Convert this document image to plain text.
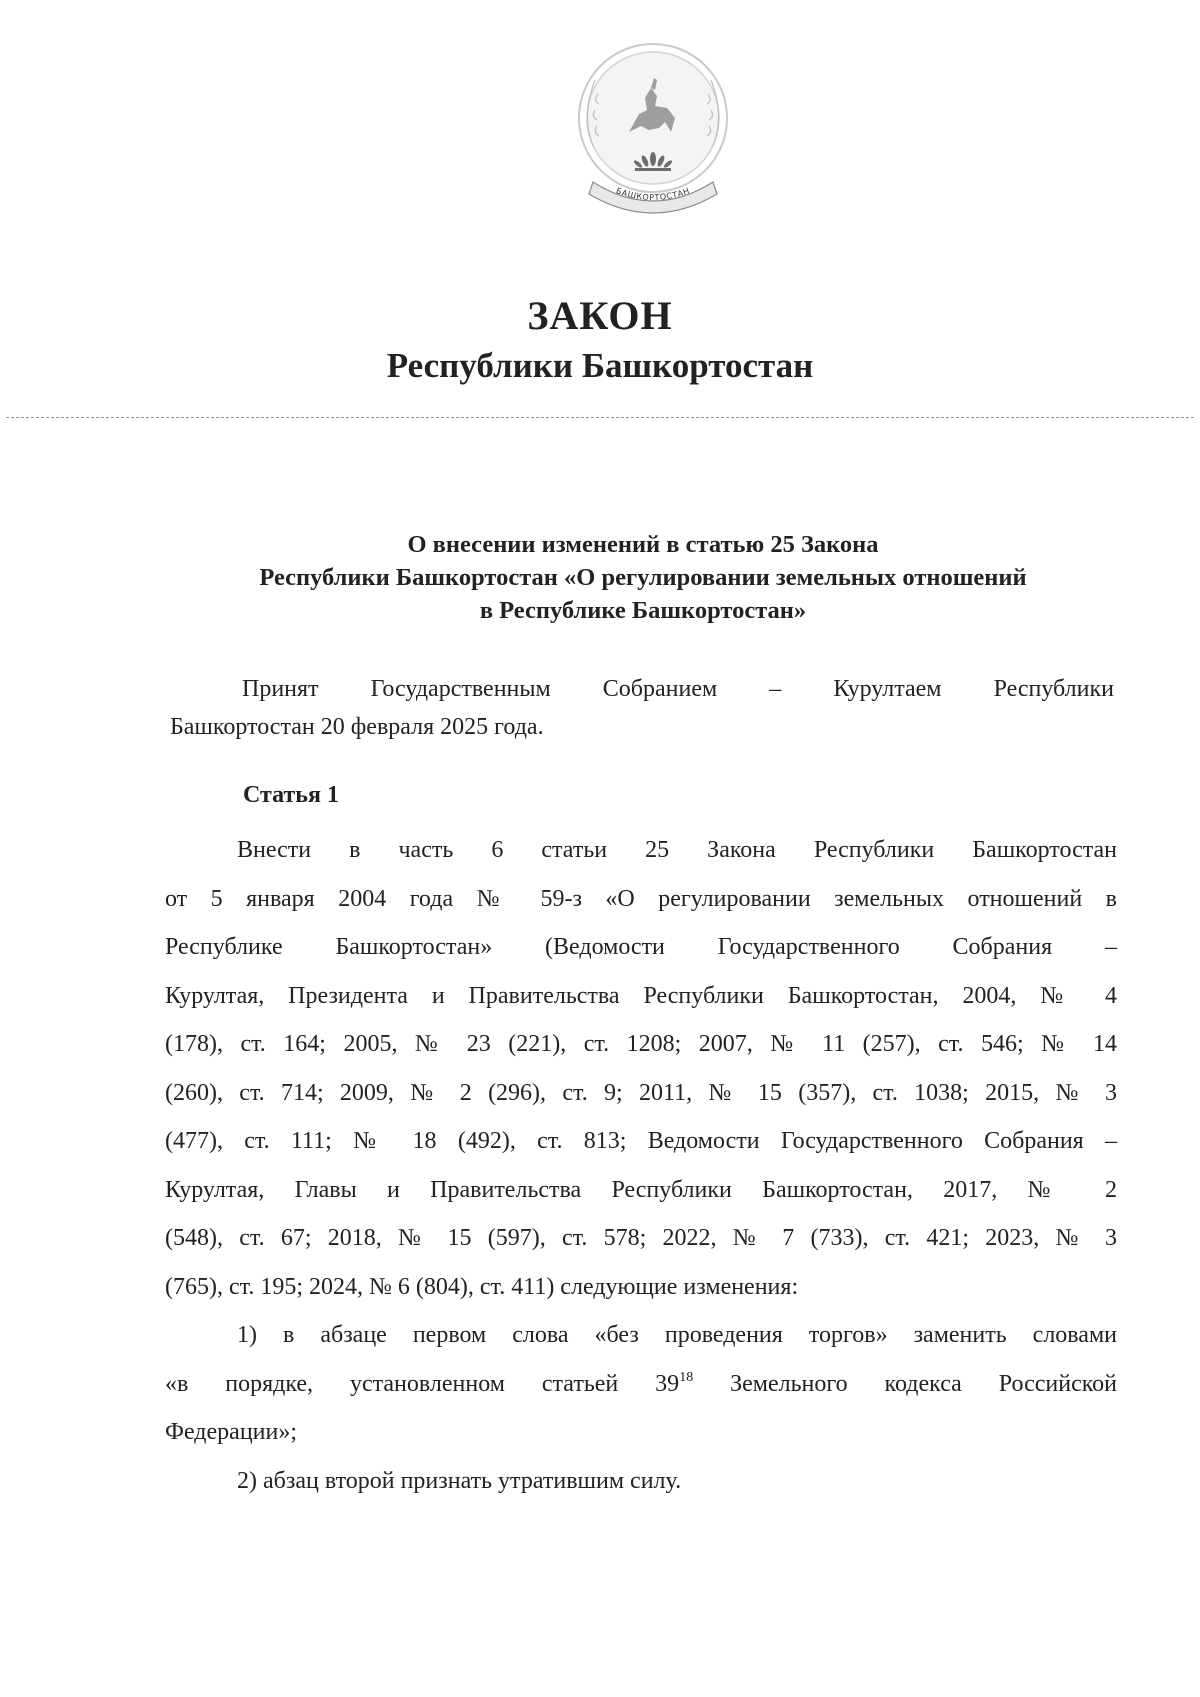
БАШКОРТОСТАН
ЗАКОН
Республики Башкортостан
О внесении изменений в статью 25 Закона
Республики Башкортостан «О регулировании земельных отношений
в Республике Башкортостан»
Принят Государственным Собранием – Курултаем Республики
Башкортостан 20 февраля 2025 года.
Статья 1
Внести в часть 6 статьи 25 Закона Республики Башкортостан
от 5 января 2004 года № 59-з «О регулировании земельных отношений в
Республике Башкортостан» (Ведомости Государственного Собрания –
Курултая, Президента и Правительства Республики Башкортостан, 2004, № 4
(178), ст. 164; 2005, № 23 (221), ст. 1208; 2007, № 11 (257), ст. 546; № 14
(260), ст. 714; 2009, № 2 (296), ст. 9; 2011, № 15 (357), ст. 1038; 2015, № 3
(477), ст. 111; № 18 (492), ст. 813; Ведомости Государственного Собрания –
Курултая, Главы и Правительства Республики Башкортостан, 2017, № 2
(548), ст. 67; 2018, № 15 (597), ст. 578; 2022, № 7 (733), ст. 421; 2023, № 3
(765), ст. 195; 2024, № 6 (804), ст. 411) следующие изменения:
1) в абзаце первом слова «без проведения торгов» заменить словами
«в порядке, установленном статьей $39^{18}$ Земельного кодекса Российской
Федерации»;
2) абзац второй признать утратившим силу.
